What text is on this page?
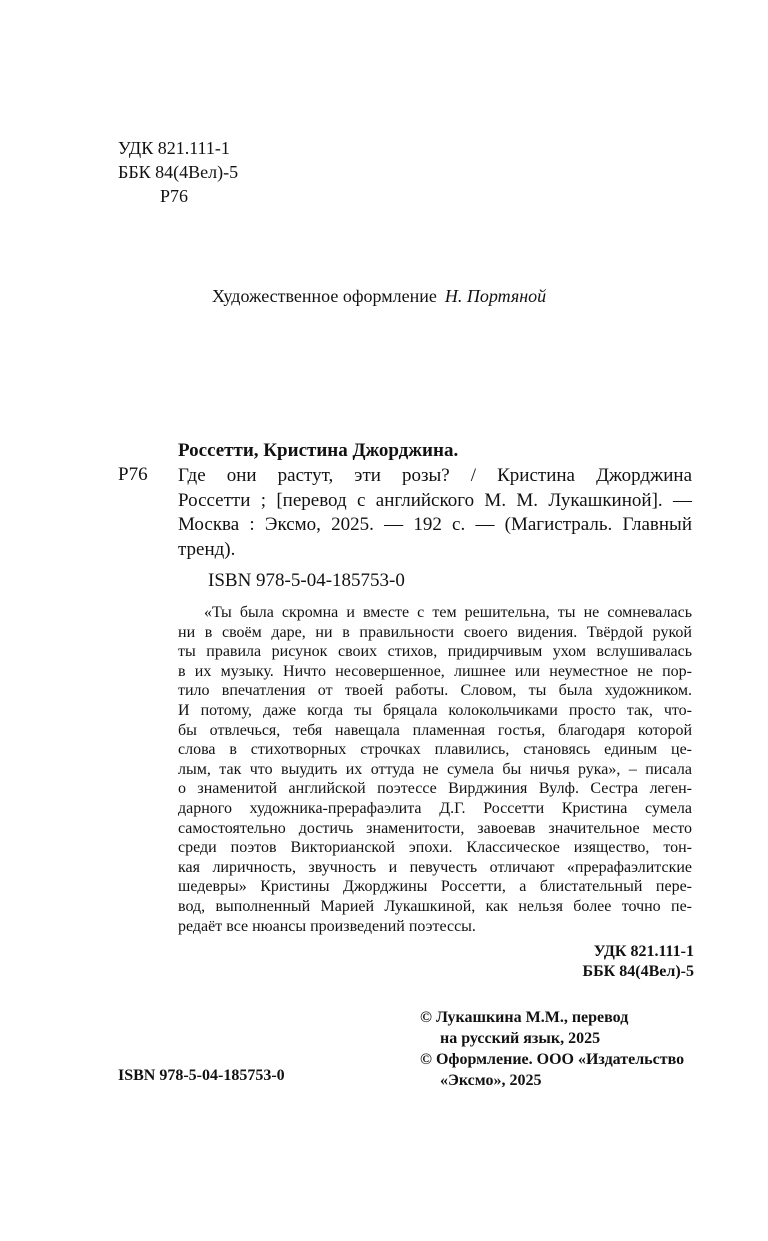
УДК 821.111-1
ББК 84(4Вел)-5
Р76
Художественное оформление Н. Портяной
Россетти, Кристина Джорджина.
Р76 Где они растут, эти розы? / Кристина Джорджина
Россетти ; [перевод с английского М. М. Лукашкиной]. —
Москва : Эксмо, 2025. — 192 с. — (Магистраль. Главный
тренд).
ISBN 978-5-04-185753-0
«Ты была скромна и вместе с тем решительна, ты не сомневалась
ни в своём даре, ни в правильности своего видения. Твёрдой рукой
ты правила рисунок своих стихов, придирчивым ухом вслушивалась
в их музыку. Ничто несовершенное, лишнее или неуместное не пор-
тило впечатления от твоей работы. Словом, ты была художником.
И потому, даже когда ты бряцала колокольчиками просто так, что-
бы отвлечься, тебя навещала пламенная гостья, благодаря которой
слова в стихотворных строчках плавились, становясь единым це-
лым, так что выудить их оттуда не сумела бы ничья рука», – писала
о знаменитой английской поэтессе Вирджиния Вулф. Сестра леген-
дарного художника-прерафаэлита Д.Г. Россетти Кристина сумела
самостоятельно достичь знаменитости, завоевав значительное место
среди поэтов Викторианской эпохи. Классическое изящество, тон-
кая лиричность, звучность и певучесть отличают «прерафаэлитские
шедевры» Кристины Джорджины Россетти, а блистательный пере-
вод, выполненный Марией Лукашкиной, как нельзя более точно пе-
редаёт все нюансы произведений поэтессы.
УДК 821.111-1
ББК 84(4Вел)-5
© Лукашкина М.М., перевод
на русский язык, 2025
© Оформление. ООО «Издательство
«Эксмо», 2025
ISBN 978-5-04-185753-0
